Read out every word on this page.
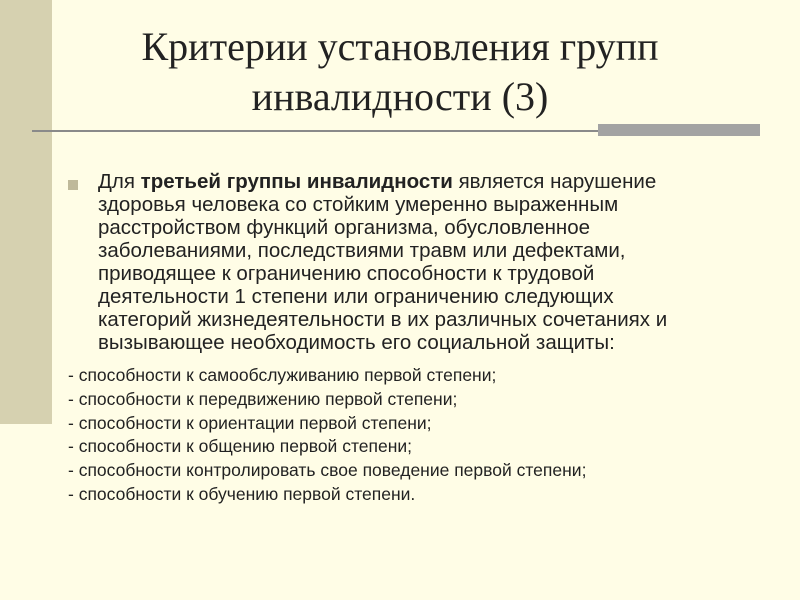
Критерии установления групп
инвалидности (3)
Для третьей группы инвалидности является нарушение
здоровья человека со стойким умеренно выраженным
расстройством функций организма, обусловленное
заболеваниями, последствиями травм или дефектами,
приводящее к ограничению способности к трудовой
деятельности 1 степени или ограничению следующих
категорий жизнедеятельности в их различных сочетаниях и
вызывающее необходимость его социальной защиты:
- способности к самообслуживанию первой степени;
- способности к передвижению первой степени;
- способности к ориентации первой степени;
- способности к общению первой степени;
- способности контролировать свое поведение первой степени;
- способности к обучению первой степени.
